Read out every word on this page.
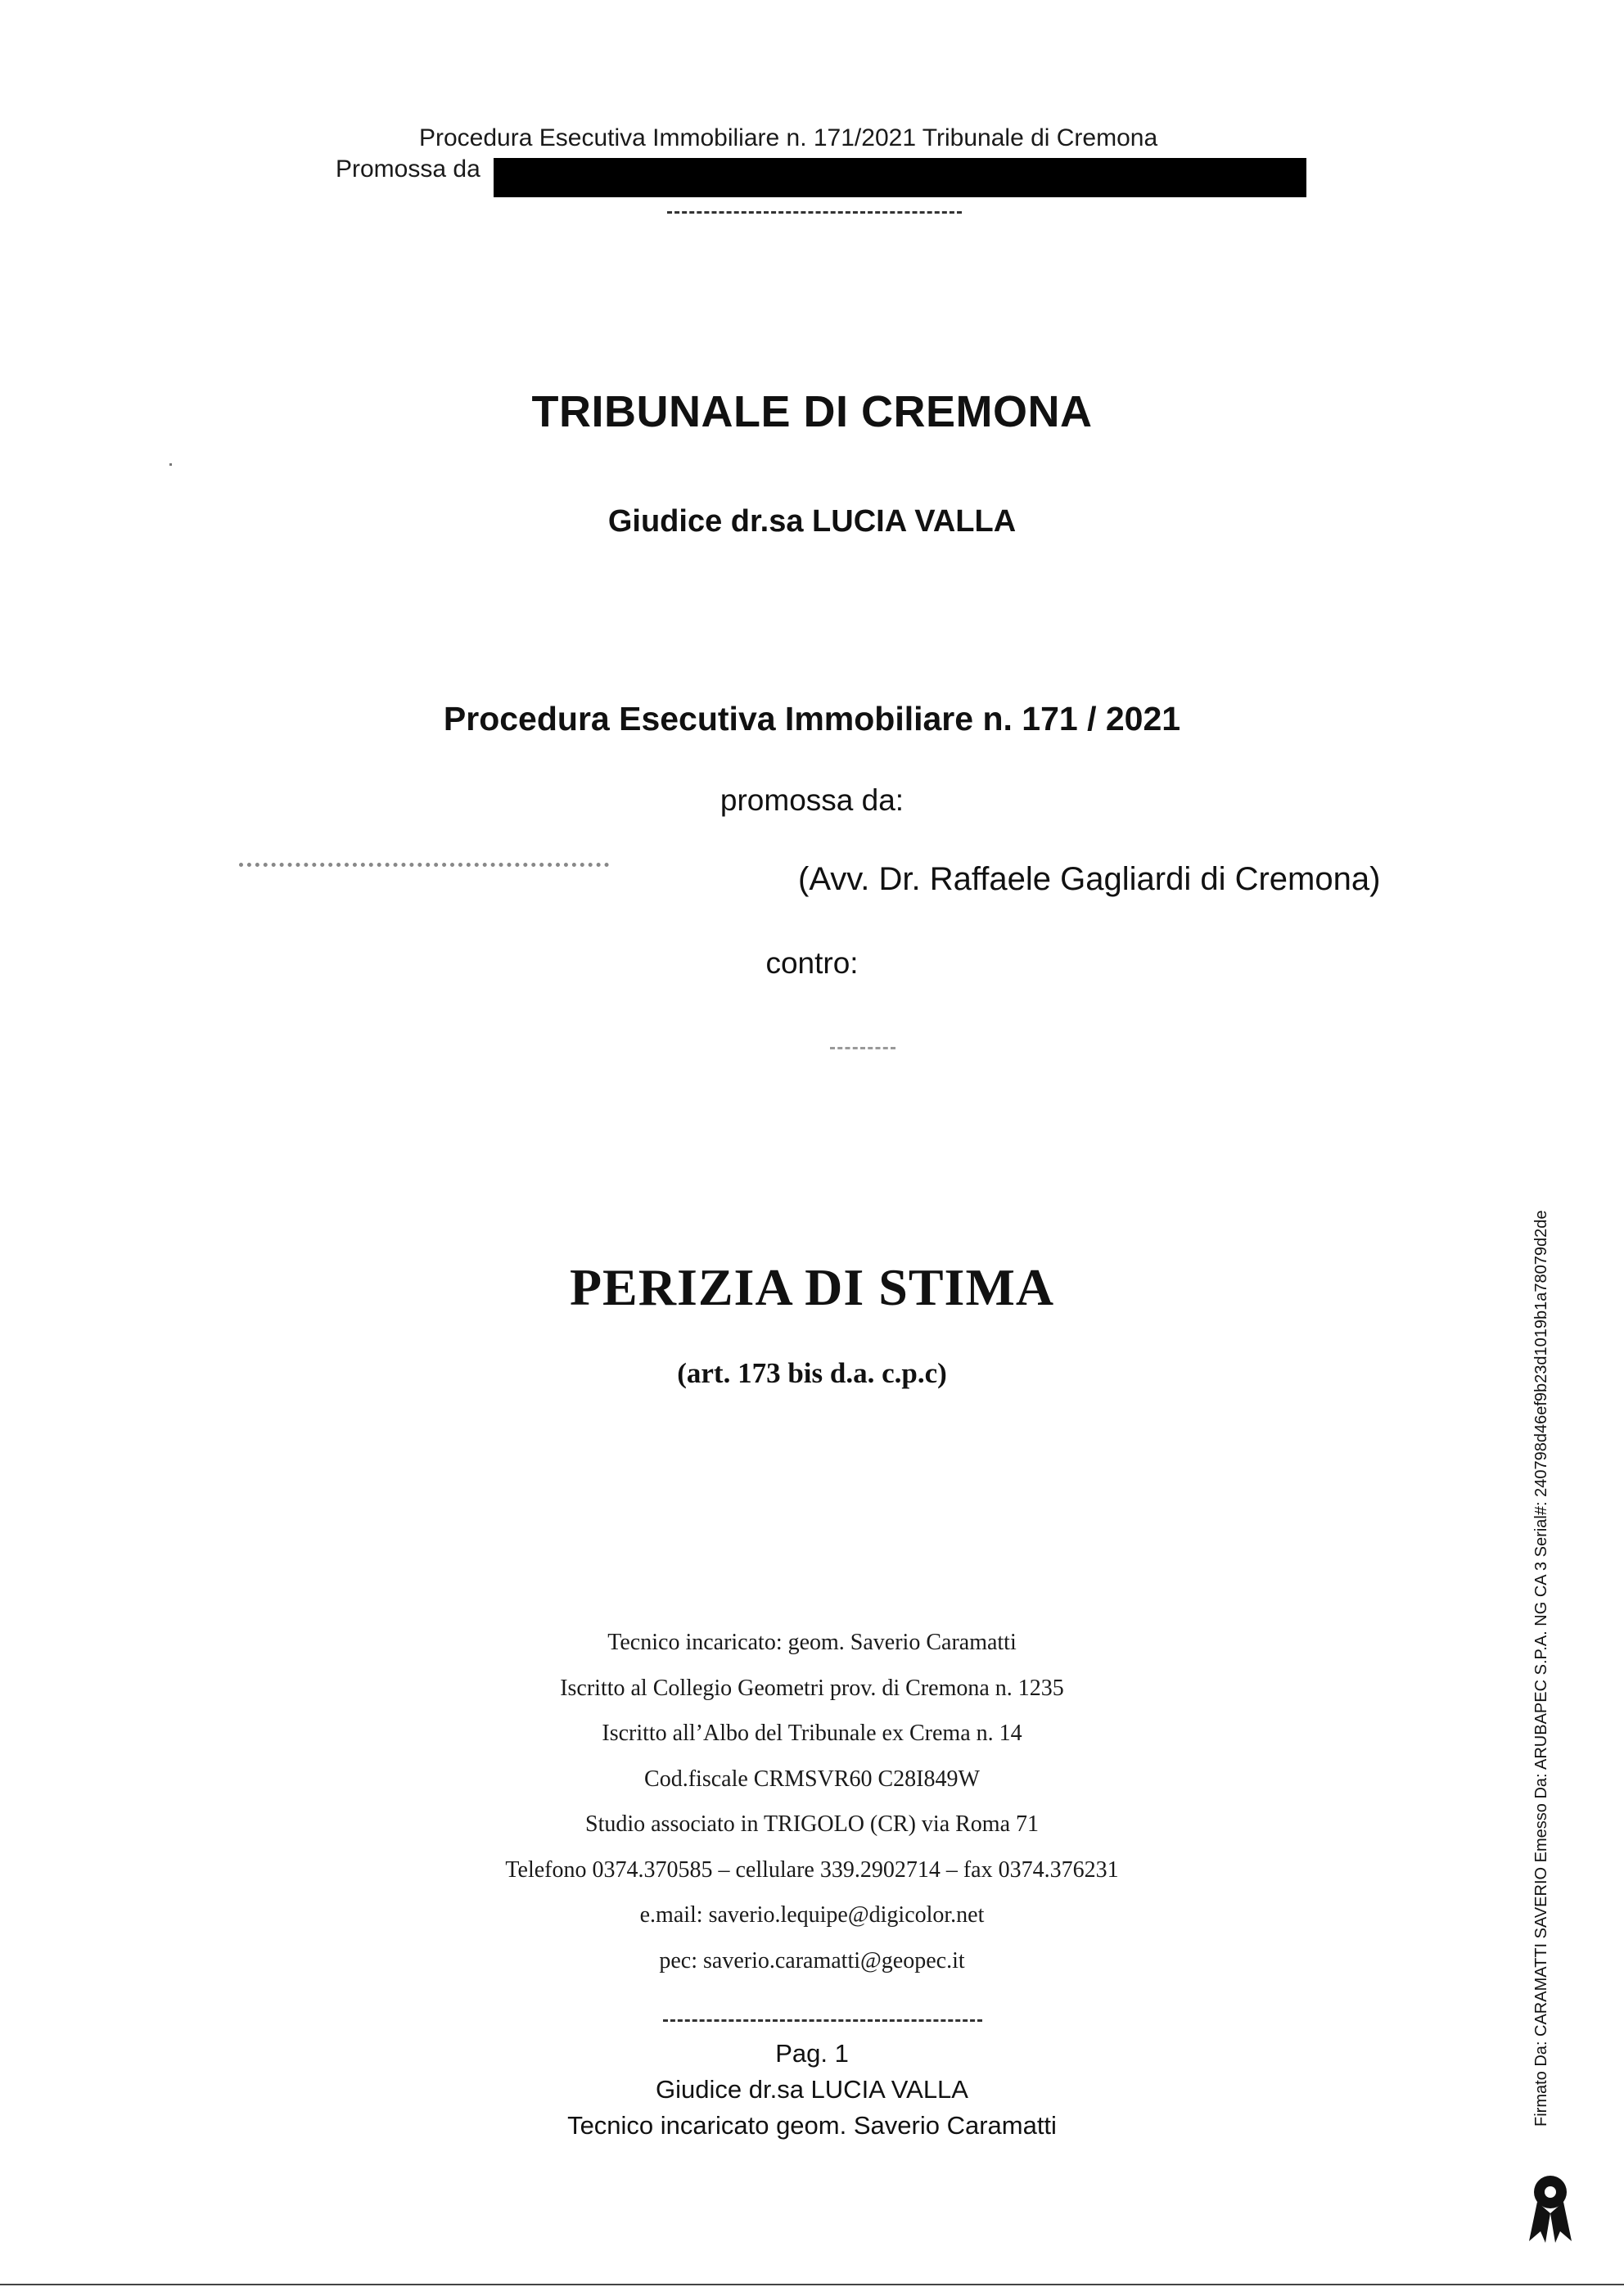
Procedura Esecutiva Immobiliare n. 171/2021 Tribunale di Cremona
Promossa da
TRIBUNALE DI CREMONA
Giudice dr.sa LUCIA VALLA
Procedura Esecutiva Immobiliare n. 171 / 2021
promossa da:
(Avv. Dr. Raffaele Gagliardi di Cremona)
contro:
PERIZIA DI STIMA
(art. 173 bis d.a. c.p.c)
Tecnico incaricato: geom. Saverio Caramatti
Iscritto al Collegio Geometri prov. di Cremona n. 1235
Iscritto all’Albo del Tribunale ex Crema n. 14
Cod.fiscale CRMSVR60 C28I849W
Studio associato in TRIGOLO (CR) via Roma 71
Telefono 0374.370585 – cellulare 339.2902714 – fax 0374.376231
e.mail: saverio.lequipe@digicolor.net
pec: saverio.caramatti@geopec.it
Pag. 1
Giudice dr.sa LUCIA VALLA
Tecnico incaricato geom. Saverio Caramatti	Firmato Da: CARAMATTI SAVERIO Emesso Da: ARUBAPEC S.P.A. NG CA 3 Serial#: 240798d46ef9b23d1019b1a78079d2de
